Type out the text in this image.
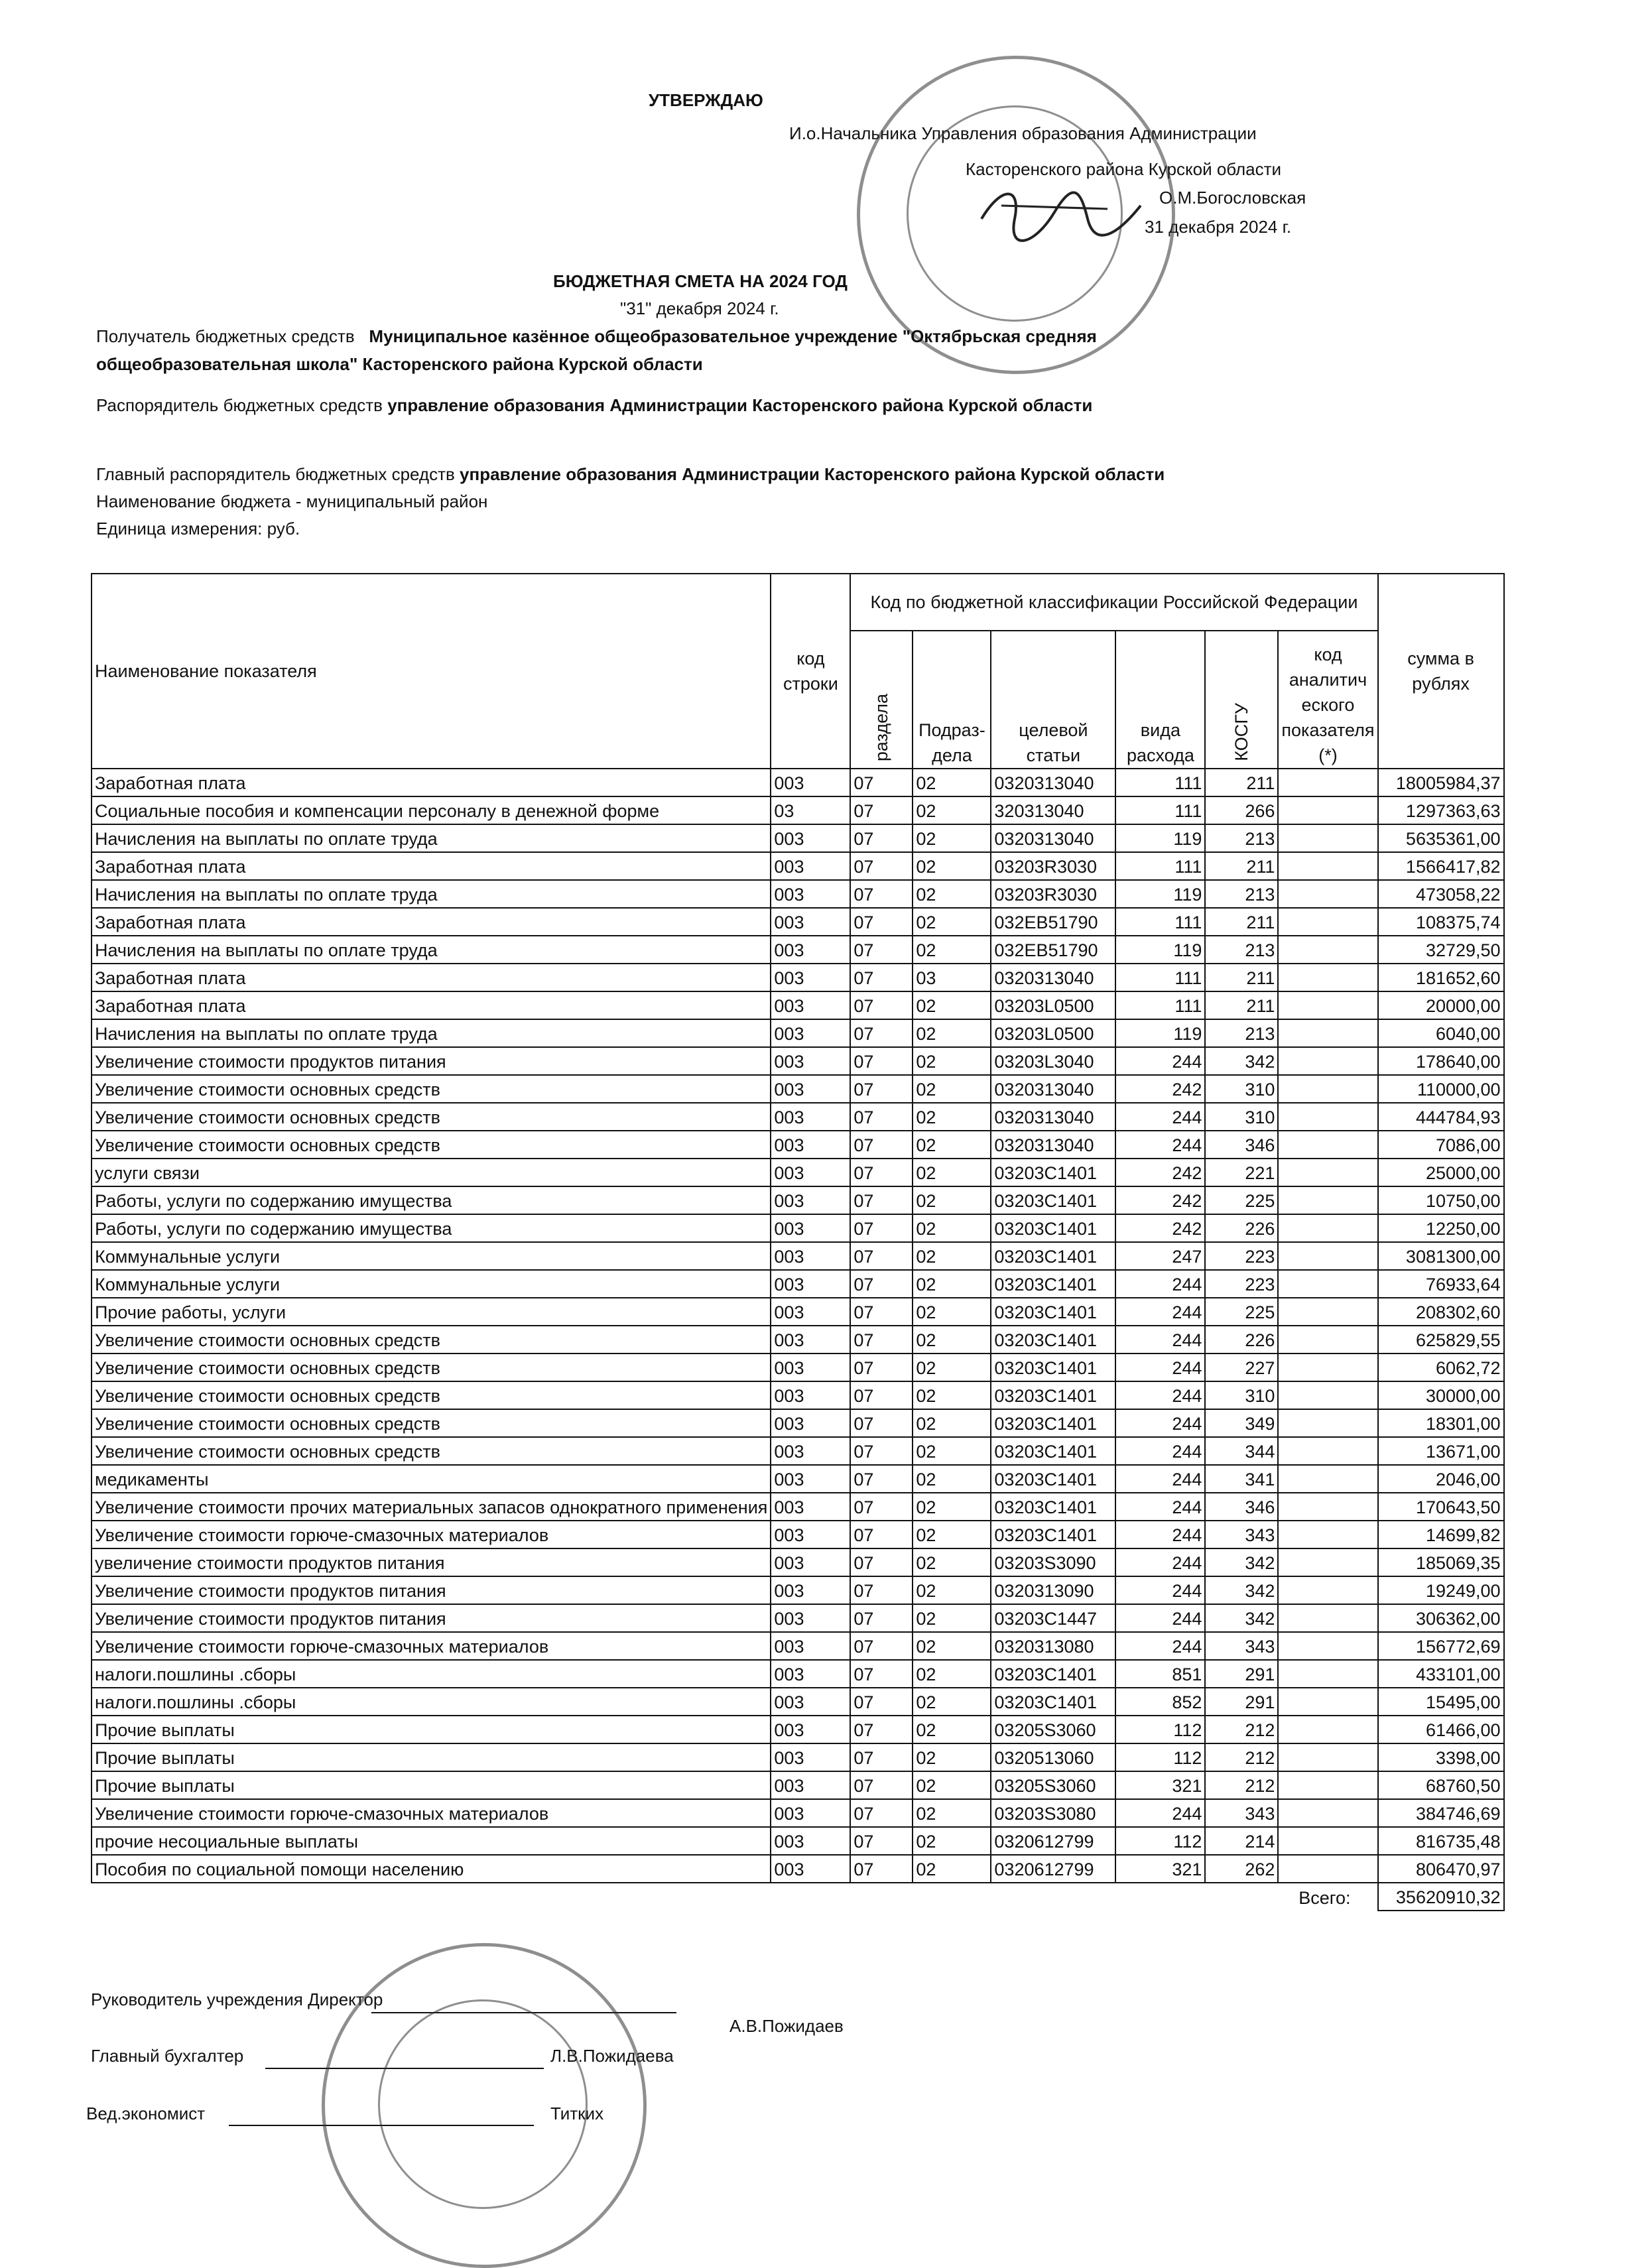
УТВЕРЖДАЮ
И.о.Начальника Управления образования Администрации
Касторенского района Курской области
О.М.Богословская
31 декабря 2024 г.
БЮДЖЕТНАЯ СМЕТА НА 2024 ГОД
"31" декабря 2024 г.
Получатель бюджетных средств Муниципальное казённое общеобразовательное учреждение "Октябрьская средняя
общеобразовательная школа" Касторенского района Курской области
Распорядитель бюджетных средств управление образования Администрации Касторенского района Курской области
Главный распорядитель бюджетных средств управление образования Администрации Касторенского района Курской области
Наименование бюджета - муниципальный район
Единица измерения: руб.
Наименование показателя	код строки	Код по бюджетной классификации Российской Федерации						сумма в рублях
		раздела	Подраз-дела	целевой статьи	вида расхода	КОСГУ	код аналитич еского показателя (*)	
Заработная плата	003	07	02	0320313040	111	211		18005984,37
Социальные пособия и компенсации персоналу в денежной форме	03	07	02	320313040	111	266		1297363,63
Начисления на выплаты по оплате труда	003	07	02	0320313040	119	213		5635361,00
Заработная плата	003	07	02	03203R3030	111	211		1566417,82
Начисления на выплаты по оплате труда	003	07	02	03203R3030	119	213		473058,22
Заработная плата	003	07	02	032EB51790	111	211		108375,74
Начисления на выплаты по оплате труда	003	07	02	032EB51790	119	213		32729,50
Заработная плата	003	07	03	0320313040	111	211		181652,60
Заработная плата	003	07	02	03203L0500	111	211		20000,00
Начисления на выплаты по оплате труда	003	07	02	03203L0500	119	213		6040,00
Увеличение стоимости продуктов питания	003	07	02	03203L3040	244	342		178640,00
Увеличение стоимости основных средств	003	07	02	0320313040	242	310		110000,00
Увеличение стоимости основных средств	003	07	02	0320313040	244	310		444784,93
Увеличение стоимости основных средств	003	07	02	0320313040	244	346		7086,00
услуги связи	003	07	02	03203C1401	242	221		25000,00
Работы, услуги по содержанию имущества	003	07	02	03203C1401	242	225		10750,00
Работы, услуги по содержанию имущества	003	07	02	03203C1401	242	226		12250,00
Коммунальные услуги	003	07	02	03203C1401	247	223		3081300,00
Коммунальные услуги	003	07	02	03203C1401	244	223		76933,64
Прочие работы, услуги	003	07	02	03203C1401	244	225		208302,60
Увеличение стоимости основных средств	003	07	02	03203C1401	244	226		625829,55
Увеличение стоимости основных средств	003	07	02	03203C1401	244	227		6062,72
Увеличение стоимости основных средств	003	07	02	03203C1401	244	310		30000,00
Увеличение стоимости основных средств	003	07	02	03203C1401	244	349		18301,00
Увеличение стоимости основных средств	003	07	02	03203C1401	244	344		13671,00
медикаменты	003	07	02	03203C1401	244	341		2046,00
Увеличение стоимости прочих материальных запасов однократного применения	003	07	02	03203C1401	244	346		170643,50
Увеличение стоимости горюче-смазочных материалов	003	07	02	03203C1401	244	343		14699,82
увеличение стоимости продуктов питания	003	07	02	03203S3090	244	342		185069,35
Увеличение стоимости продуктов питания	003	07	02	0320313090	244	342		19249,00
Увеличение стоимости продуктов питания	003	07	02	03203C1447	244	342		306362,00
Увеличение стоимости горюче-смазочных материалов	003	07	02	0320313080	244	343		156772,69
налоги.пошлины .сборы	003	07	02	03203C1401	851	291		433101,00
налоги.пошлины .сборы	003	07	02	03203C1401	852	291		15495,00
Прочие выплаты	003	07	02	03205S3060	112	212		61466,00
Прочие выплаты	003	07	02	0320513060	112	212		3398,00
Прочие выплаты	003	07	02	03205S3060	321	212		68760,50
Увеличение стоимости горюче-смазочных материалов	003	07	02	03203S3080	244	343		384746,69
прочие несоциальные выплаты	003	07	02	0320612799	112	214		816735,48
Пособия по социальной помощи населению	003	07	02	0320612799	321	262		806470,97
Всего:								35620910,32
Руководитель учреждения Директор
А.В.Пожидаев
Главный бухгалтер	Л.В.Пожидаева
Вед.экономист	Титких
